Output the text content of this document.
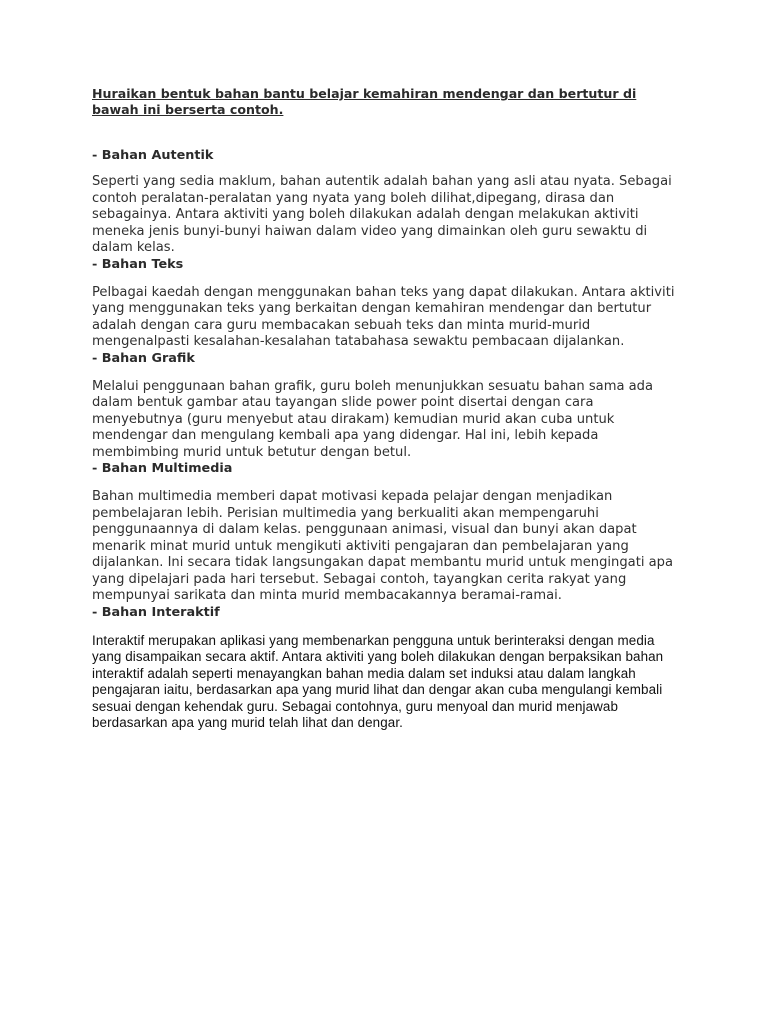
Huraikan bentuk bahan bantu belajar kemahiran mendengar dan bertutur di bawah ini berserta contoh.

- Bahan Autentik

Seperti yang sedia maklum, bahan autentik adalah bahan yang asli atau nyata. Sebagai contoh peralatan-peralatan yang nyata yang boleh dilihat,dipegang, dirasa dan sebagainya. Antara aktiviti yang boleh dilakukan adalah dengan melakukan aktiviti meneka jenis bunyi-bunyi haiwan dalam video yang dimainkan oleh guru sewaktu di dalam kelas.

- Bahan Teks

Pelbagai kaedah dengan menggunakan bahan teks yang dapat dilakukan. Antara aktiviti yang menggunakan teks yang berkaitan dengan kemahiran mendengar dan bertutur adalah dengan cara guru membacakan sebuah teks dan minta murid-murid mengenalpasti kesalahan-kesalahan tatabahasa sewaktu pembacaan dijalankan.

- Bahan Grafik

Melalui penggunaan bahan grafik, guru boleh menunjukkan sesuatu bahan sama ada dalam bentuk gambar atau tayangan slide power point disertai dengan cara menyebutnya (guru menyebut atau dirakam) kemudian murid akan cuba untuk mendengar dan mengulang kembali apa yang didengar. Hal ini, lebih kepada membimbing murid untuk betutur dengan betul.

- Bahan Multimedia

Bahan multimedia memberi dapat motivasi kepada pelajar dengan menjadikan pembelajaran lebih. Perisian multimedia yang berkualiti akan mempengaruhi penggunaannya di dalam kelas. penggunaan animasi, visual dan bunyi akan dapat menarik minat murid untuk mengikuti aktiviti pengajaran dan pembelajaran yang dijalankan. Ini secara tidak langsungakan dapat membantu murid untuk mengingati apa yang dipelajari pada hari tersebut. Sebagai contoh, tayangkan cerita rakyat yang mempunyai sarikata dan minta murid membacakannya beramai-ramai.

- Bahan Interaktif

Interaktif merupakan aplikasi yang membenarkan pengguna untuk berinteraksi dengan media yang disampaikan secara aktif. Antara aktiviti yang boleh dilakukan dengan berpaksikan bahan interaktif adalah seperti menayangkan bahan media dalam set induksi atau dalam langkah pengajaran iaitu, berdasarkan apa yang murid lihat dan dengar akan cuba mengulangi kembali sesuai dengan kehendak guru. Sebagai contohnya, guru menyoal dan murid menjawab berdasarkan apa yang murid telah lihat dan dengar.
